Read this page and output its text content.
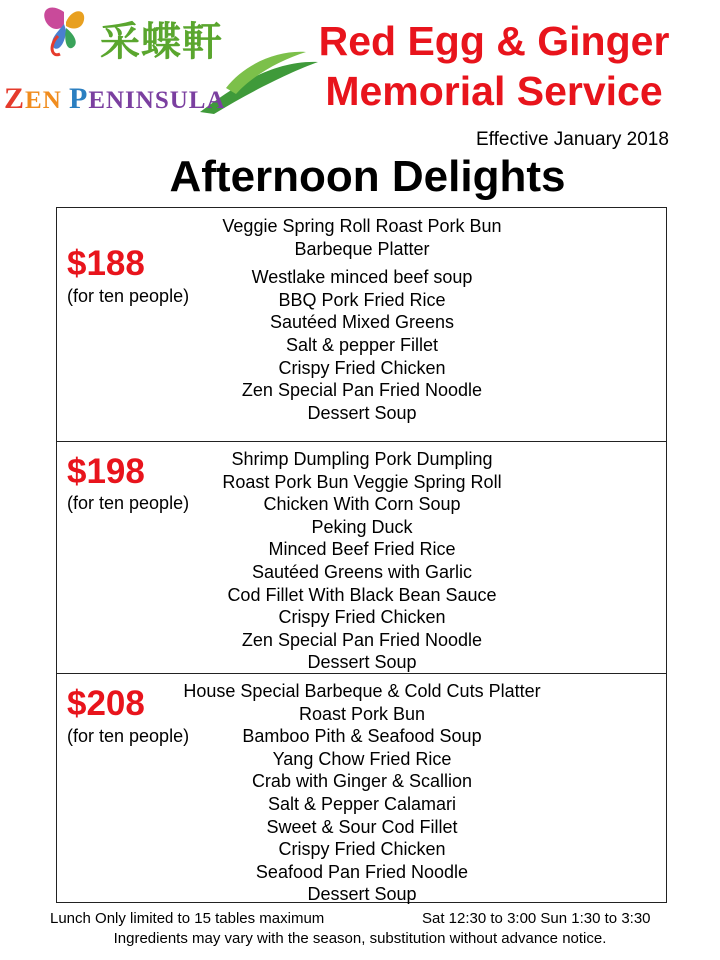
采蝶軒
ZEN PENINSULA
Red Egg & Ginger
Memorial Service
Effective January 2018
Afternoon Delights
$188
(for ten people)
Veggie Spring Roll Roast Pork Bun
Barbeque Platter
Westlake minced beef soup
BBQ Pork Fried Rice
Sautéed Mixed Greens
Salt & pepper Fillet
Crispy Fried Chicken
Zen Special Pan Fried Noodle
Dessert Soup
$198
(for ten people)
Shrimp Dumpling Pork Dumpling
Roast Pork Bun Veggie Spring Roll
Chicken With Corn Soup
Peking Duck
Minced Beef Fried Rice
Sautéed Greens with Garlic
Cod Fillet With Black Bean Sauce
Crispy Fried Chicken
Zen Special Pan Fried Noodle
Dessert Soup
$208
(for ten people)
House Special Barbeque & Cold Cuts Platter
Roast Pork Bun
Bamboo Pith & Seafood Soup
Yang Chow Fried Rice
Crab with Ginger & Scallion
Salt & Pepper Calamari
Sweet & Sour Cod Fillet
Crispy Fried Chicken
Seafood Pan Fried Noodle
Dessert Soup
Lunch Only limited to 15 tables maximum	Sat 12:30 to 3:00 Sun 1:30 to 3:30
Ingredients may vary with the season, substitution without advance notice.
